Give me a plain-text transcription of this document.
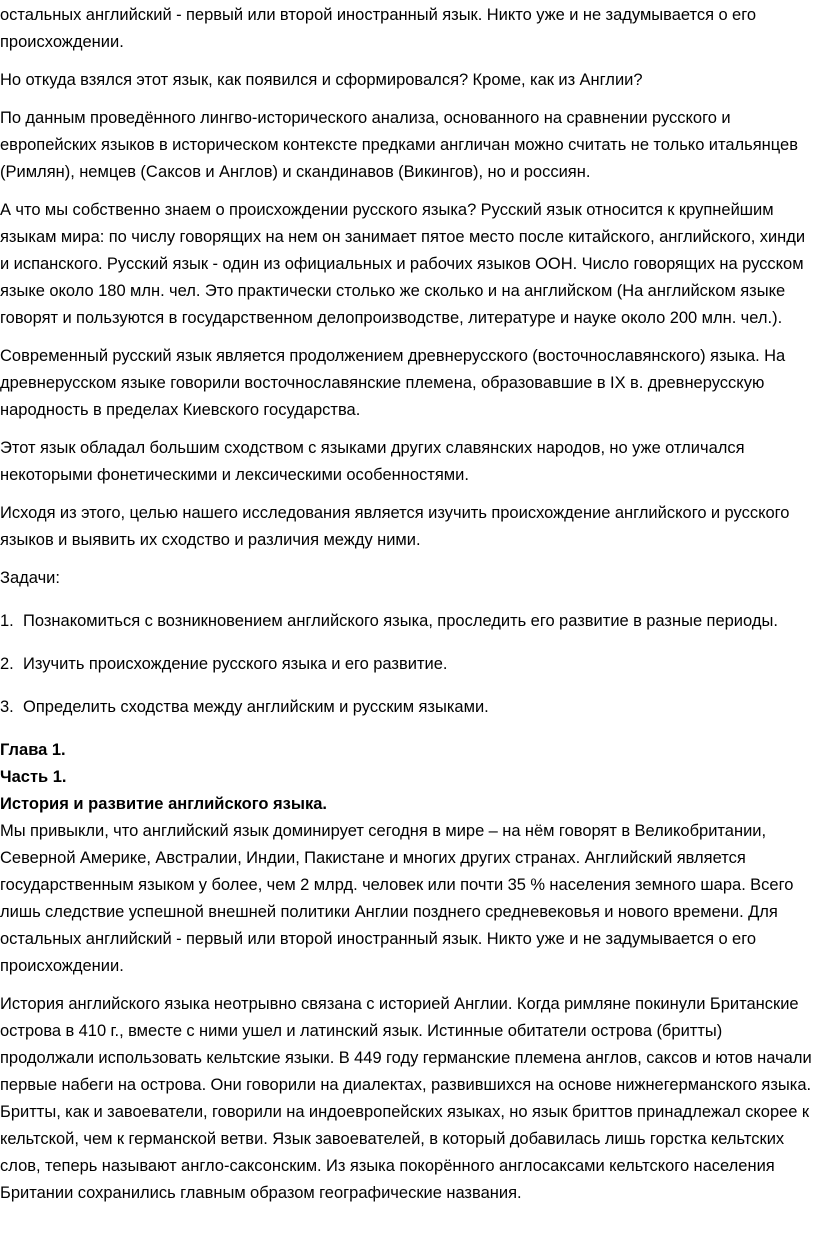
остальных английский - первый или второй иностранный язык. Никто уже и не задумывается о его происхождении.

Но откуда взялся этот язык, как появился и сформировался? Кроме, как из Англии?

По данным проведённого лингво-исторического анализа, основанного на сравнении русского и европейских языков в историческом контексте предками англичан можно считать не только итальянцев (Римлян), немцев (Саксов и Англов) и скандинавов (Викингов), но и россиян.

А что мы собственно знаем о происхождении русского языка? Русский язык относится к крупнейшим языкам мира: по числу говорящих на нем он занимает пятое место после китайского, английского, хинди и испанского. Русский язык - один из официальных и рабочих языков ООН. Число говорящих на русском языке около 180 млн. чел. Это практически столько же сколько и на английском (На английском языке говорят и пользуются в государственном делопроизводстве, литературе и науке около 200 млн. чел.).

Современный русский язык является продолжением древнерусского (восточнославянского) языка. На древнерусском языке говорили восточнославянские племена, образовавшие в IX в. древнерусскую народность в пределах Киевского государства.

Этот язык обладал большим сходством с языками других славянских народов, но уже отличался некоторыми фонетическими и лексическими особенностями.

Исходя из этого, целью нашего исследования является изучить происхождение английского и русского языков и выявить их сходство и различия между ними.

Задачи:

1. Познакомиться с возникновением английского языка, проследить его развитие в разные периоды.
2. Изучить происхождение русского языка и его развитие.
3. Определить сходства между английским и русским языками.

Глава 1.

Часть 1.

История и развитие английского языка.

Мы привыкли, что английский язык доминирует сегодня в мире – на нём говорят в Великобритании, Северной Америке, Австралии, Индии, Пакистане и многих других странах. Английский является государственным языком у более, чем 2 млрд. человек или почти 35 % населения земного шара. Всего лишь следствие успешной внешней политики Англии позднего средневековья и нового времени. Для остальных английский - первый или второй иностранный язык. Никто уже и не задумывается о его происхождении.

История английского языка неотрывно связана с историей Англии. Когда римляне покинули Британские острова в 410 г., вместе с ними ушел и латинский язык. Истинные обитатели острова (бритты) продолжали использовать кельтские языки. В 449 году германские племена англов, саксов и ютов начали первые набеги на острова. Они говорили на диалектах, развившихся на основе нижнегерманского языка. Бритты, как и завоеватели, говорили на индоевропейских языках, но язык бриттов принадлежал скорее к кельтской, чем к германской ветви. Язык завоевателей, в который добавилась лишь горстка кельтских слов, теперь называют англо-саксонским. Из языка покорённого англосаксами кельтского населения Британии сохранились главным образом географические названия.
